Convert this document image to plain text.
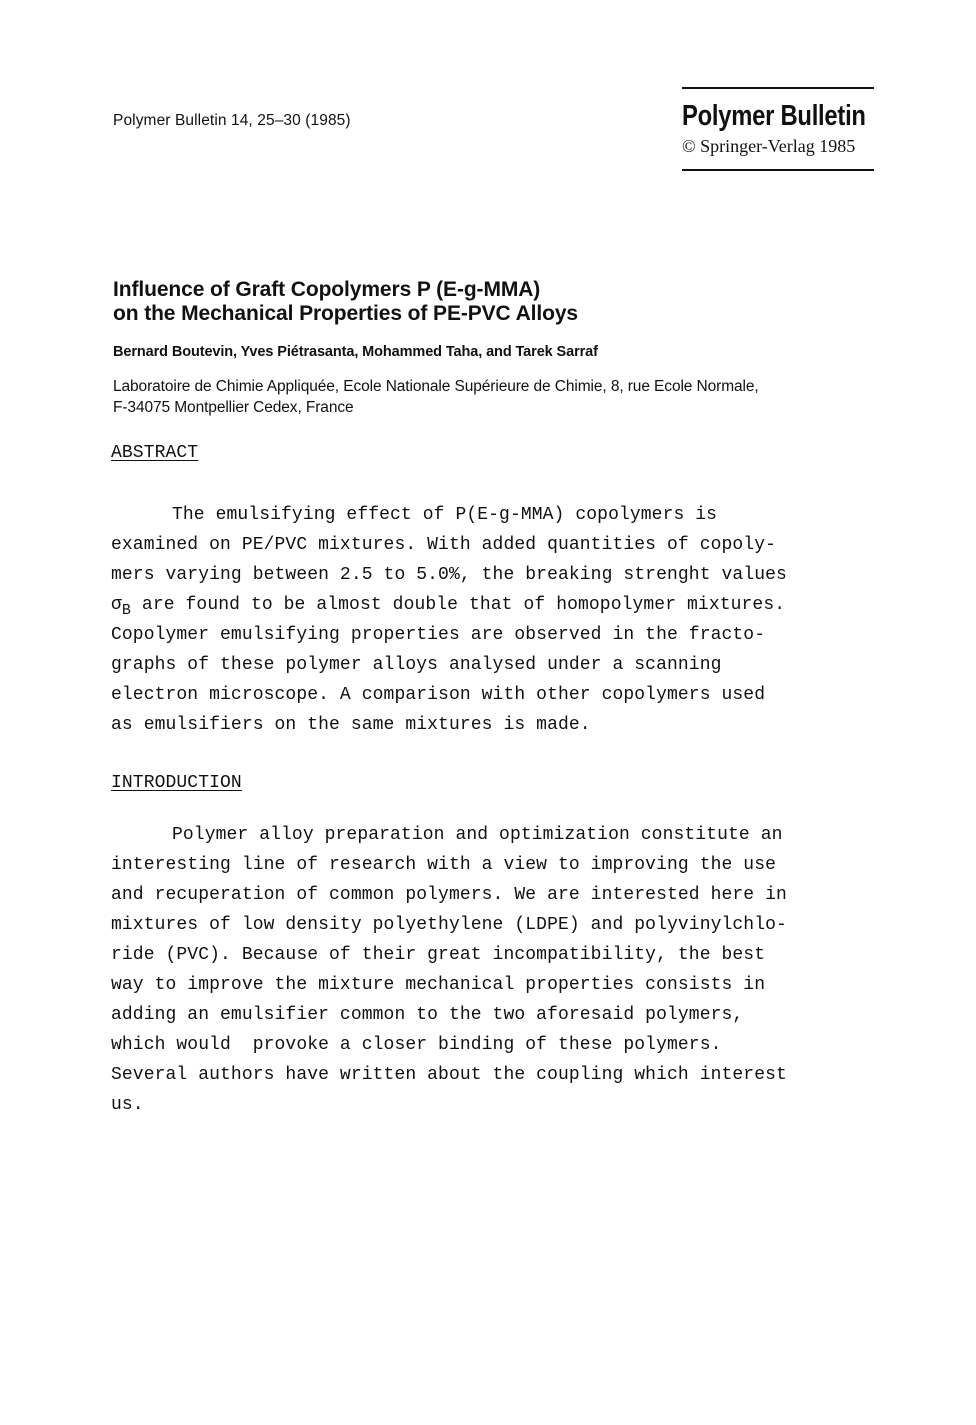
Polymer Bulletin 14, 25–30 (1985)	Polymer Bulletin
© Springer-Verlag 1985
Influence of Graft Copolymers P (E-g-MMA)
on the Mechanical Properties of PE-PVC Alloys
Bernard Boutevin, Yves Piétrasanta, Mohammed Taha, and Tarek Sarraf
Laboratoire de Chimie Appliquée, Ecole Nationale Supérieure de Chimie, 8, rue Ecole Normale,
F-34075 Montpellier Cedex, France
ABSTRACT
The emulsifying effect of P(E-g-MMA) copolymers is
examined on PE/PVC mixtures. With added quantities of copoly-
mers varying between 2.5 to 5.0%, the breaking strenght values
$\sigma_B$ are found to be almost double that of homopolymer mixtures.
Copolymer emulsifying properties are observed in the fracto-
graphs of these polymer alloys analysed under a scanning
electron microscope. A comparison with other copolymers used
as emulsifiers on the same mixtures is made.
INTRODUCTION
Polymer alloy preparation and optimization constitute an
interesting line of research with a view to improving the use
and recuperation of common polymers. We are interested here in
mixtures of low density polyethylene (LDPE) and polyvinylchlo-
ride (PVC). Because of their great incompatibility, the best
way to improve the mixture mechanical properties consists in
adding an emulsifier common to the two aforesaid polymers,
which would  provoke a closer binding of these polymers.
Several authors have written about the coupling which interest
us.
